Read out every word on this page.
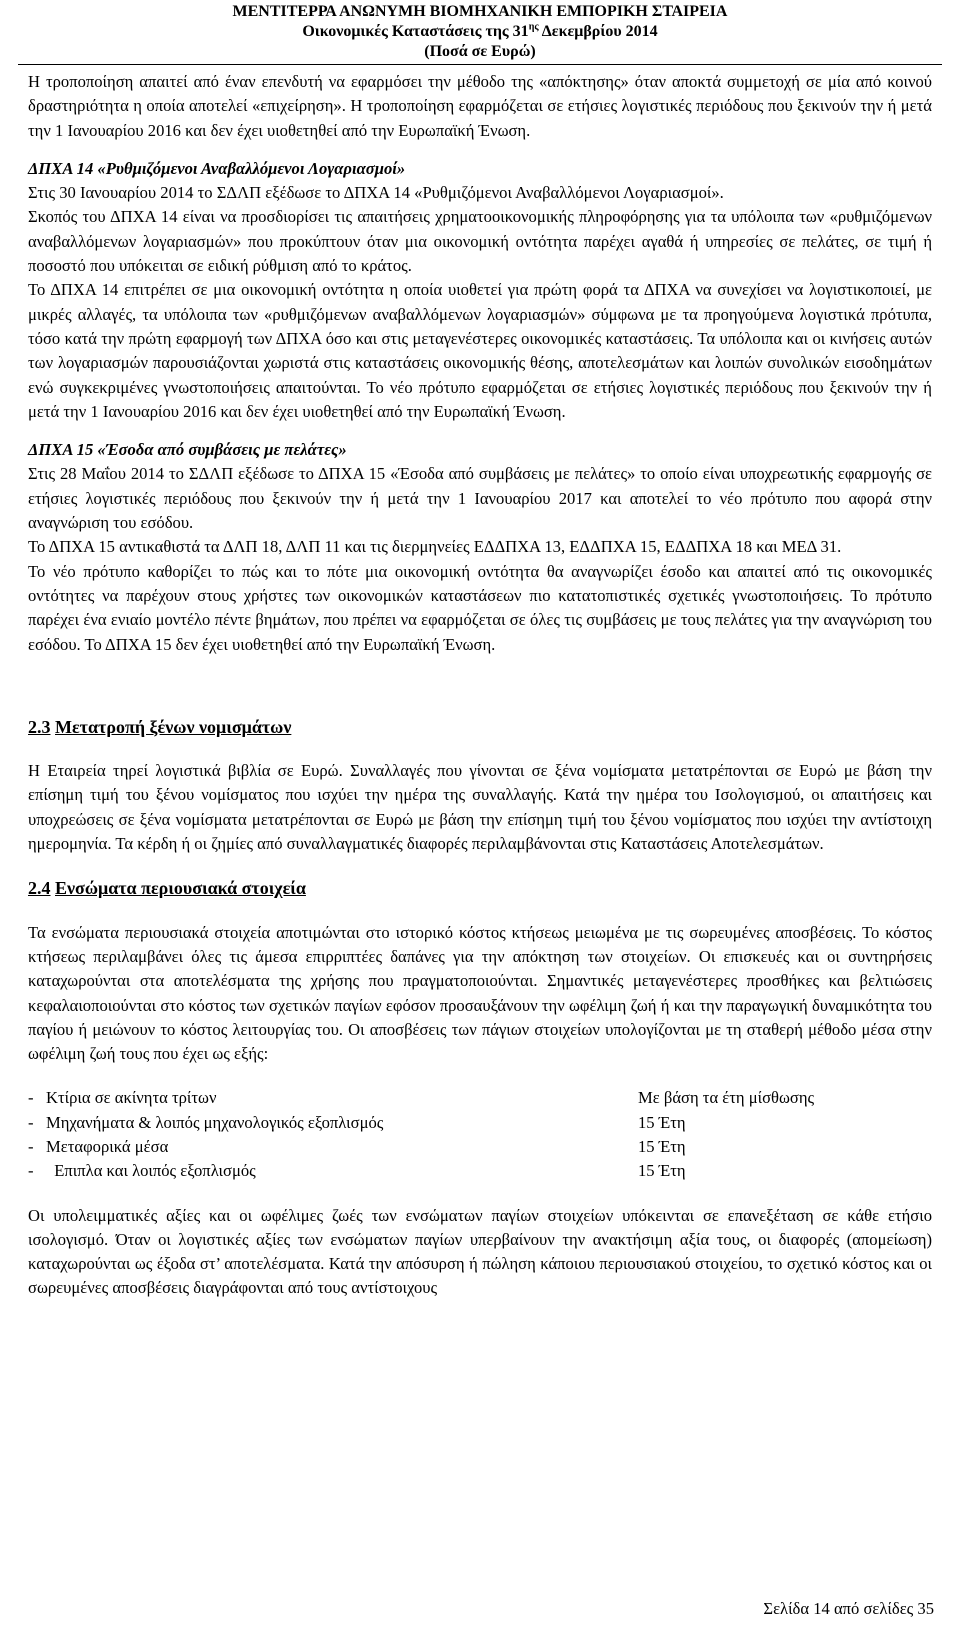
ΜΕΝΤΙΤΕΡΡΑ ΑΝΩΝΥΜΗ ΒΙΟΜΗΧΑΝΙΚΗ ΕΜΠΟΡΙΚΗ ΣΤΑΙΡΕΙΑ
Οικονομικές Καταστάσεις της $31^{\eta\varsigma}$ Δεκεμβρίου 2014
(Ποσά σε Ευρώ)

Η τροποποίηση απαιτεί από έναν επενδυτή να εφαρμόσει την μέθοδο της «απόκτησης» όταν αποκτά συμμετοχή σε μία από κοινού δραστηριότητα η οποία αποτελεί «επιχείρηση». Η τροποποίηση εφαρμόζεται σε ετήσιες λογιστικές περιόδους που ξεκινούν την ή μετά την 1 Ιανουαρίου 2016 και δεν έχει υιοθετηθεί από την Ευρωπαϊκή Ένωση.

ΔΠΧΑ 14 «Ρυθμιζόμενοι Αναβαλλόμενοι Λογαριασμοί»

Στις 30 Ιανουαρίου 2014 το ΣΔΛΠ εξέδωσε το ΔΠΧΑ 14 «Ρυθμιζόμενοι Αναβαλλόμενοι Λογαριασμοί».

Σκοπός του ΔΠΧΑ 14 είναι να προσδιορίσει τις απαιτήσεις χρηματοοικονομικής πληροφόρησης για τα υπόλοιπα των «ρυθμιζόμενων αναβαλλόμενων λογαριασμών» που προκύπτουν όταν μια οικονομική οντότητα παρέχει αγαθά ή υπηρεσίες σε πελάτες, σε τιμή ή ποσοστό που υπόκειται σε ειδική ρύθμιση από το κράτος.

Το ΔΠΧΑ 14 επιτρέπει σε μια οικονομική οντότητα η οποία υιοθετεί για πρώτη φορά τα ΔΠΧΑ να συνεχίσει να λογιστικοποιεί, με μικρές αλλαγές, τα υπόλοιπα των «ρυθμιζόμενων αναβαλλόμενων λογαριασμών» σύμφωνα με τα προηγούμενα λογιστικά πρότυπα, τόσο κατά την πρώτη εφαρμογή των ΔΠΧΑ όσο και στις μεταγενέστερες οικονομικές καταστάσεις. Τα υπόλοιπα και οι κινήσεις αυτών των λογαριασμών παρουσιάζονται χωριστά στις καταστάσεις οικονομικής θέσης, αποτελεσμάτων και λοιπών συνολικών εισοδημάτων ενώ συγκεκριμένες γνωστοποιήσεις απαιτούνται. Το νέο πρότυπο εφαρμόζεται σε ετήσιες λογιστικές περιόδους που ξεκινούν την ή μετά την 1 Ιανουαρίου 2016 και δεν έχει υιοθετηθεί από την Ευρωπαϊκή Ένωση.

ΔΠΧΑ 15 «Έσοδα από συμβάσεις με πελάτες»

Στις 28 Μαΐου 2014 το ΣΔΛΠ εξέδωσε το ΔΠΧΑ 15 «Έσοδα από συμβάσεις με πελάτες» το οποίο είναι υποχρεωτικής εφαρμογής σε ετήσιες λογιστικές περιόδους που ξεκινούν την ή μετά την 1 Ιανουαρίου 2017 και αποτελεί το νέο πρότυπο που αφορά στην αναγνώριση του εσόδου.

Το ΔΠΧΑ 15 αντικαθιστά τα ΔΛΠ 18, ΔΛΠ 11 και τις διερμηνείες ΕΔΔΠΧΑ 13, ΕΔΔΠΧΑ 15, ΕΔΔΠΧΑ 18 και ΜΕΔ 31.

Το νέο πρότυπο καθορίζει το πώς και το πότε μια οικονομική οντότητα θα αναγνωρίζει έσοδο και απαιτεί από τις οικονομικές οντότητες να παρέχουν στους χρήστες των οικονομικών καταστάσεων πιο κατατοπιστικές σχετικές γνωστοποιήσεις. Το πρότυπο παρέχει ένα ενιαίο μοντέλο πέντε βημάτων, που πρέπει να εφαρμόζεται σε όλες τις συμβάσεις με τους πελάτες για την αναγνώριση του εσόδου. Το ΔΠΧΑ 15 δεν έχει υιοθετηθεί από την Ευρωπαϊκή Ένωση.

2.3 Μετατροπή ξένων νομισμάτων

Η Εταιρεία τηρεί λογιστικά βιβλία σε Ευρώ. Συναλλαγές που γίνονται σε ξένα νομίσματα μετατρέπονται σε Ευρώ με βάση την επίσημη τιμή του ξένου νομίσματος που ισχύει την ημέρα της συναλλαγής. Κατά την ημέρα του Ισολογισμού, οι απαιτήσεις και υποχρεώσεις σε ξένα νομίσματα μετατρέπονται σε Ευρώ με βάση την επίσημη τιμή του ξένου νομίσματος που ισχύει την αντίστοιχη ημερομηνία. Τα κέρδη ή οι ζημίες από συναλλαγματικές διαφορές περιλαμβάνονται στις Καταστάσεις Αποτελεσμάτων.

2.4 Ενσώματα περιουσιακά στοιχεία

Τα ενσώματα περιουσιακά στοιχεία αποτιμώνται στο ιστορικό κόστος κτήσεως μειωμένα με τις σωρευμένες αποσβέσεις. Το κόστος κτήσεως περιλαμβάνει όλες τις άμεσα επιρριπτέες δαπάνες για την απόκτηση των στοιχείων. Οι επισκευές και οι συντηρήσεις καταχωρούνται στα αποτελέσματα της χρήσης που πραγματοποιούνται. Σημαντικές μεταγενέστερες προσθήκες και βελτιώσεις κεφαλαιοποιούνται στο κόστος των σχετικών παγίων εφόσον προσαυξάνουν την ωφέλιμη ζωή ή και την παραγωγική δυναμικότητα του παγίου ή μειώνουν το κόστος λειτουργίας του. Οι αποσβέσεις των πάγιων στοιχείων υπολογίζονται με τη σταθερή μέθοδο μέσα στην ωφέλιμη ζωή τους που έχει ως εξής:

- Κτίρια σε ακίνητα τρίτων	Με βάση τα έτη μίσθωσης
- Μηχανήματα & λοιπός μηχανολογικός εξοπλισμός	15 Έτη
- Μεταφορικά μέσα	15 Έτη
- Επιπλα και λοιπός εξοπλισμός	15 Έτη

Οι υπολειμματικές αξίες και οι ωφέλιμες ζωές των ενσώματων παγίων στοιχείων υπόκεινται σε επανεξέταση σε κάθε ετήσιο ισολογισμό. Όταν οι λογιστικές αξίες των ενσώματων παγίων υπερβαίνουν την ανακτήσιμη αξία τους, οι διαφορές (απομείωση) καταχωρούνται ως έξοδα στ’ αποτελέσματα. Κατά την απόσυρση ή πώληση κάποιου περιουσιακού στοιχείου, το σχετικό κόστος και οι σωρευμένες αποσβέσεις διαγράφονται από τους αντίστοιχους

Σελίδα 14 από σελίδες 35
